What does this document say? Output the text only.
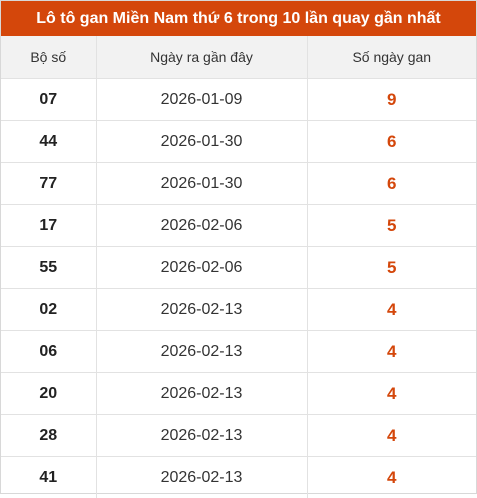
Lô tô gan Miền Nam thứ 6 trong 10 lần quay gần nhất
Bộ số	Ngày ra gần đây	Số ngày gan
07	2026-01-09	9
44	2026-01-30	6
77	2026-01-30	6
17	2026-02-06	5
55	2026-02-06	5
02	2026-02-13	4
06	2026-02-13	4
20	2026-02-13	4
28	2026-02-13	4
41	2026-02-13	4
